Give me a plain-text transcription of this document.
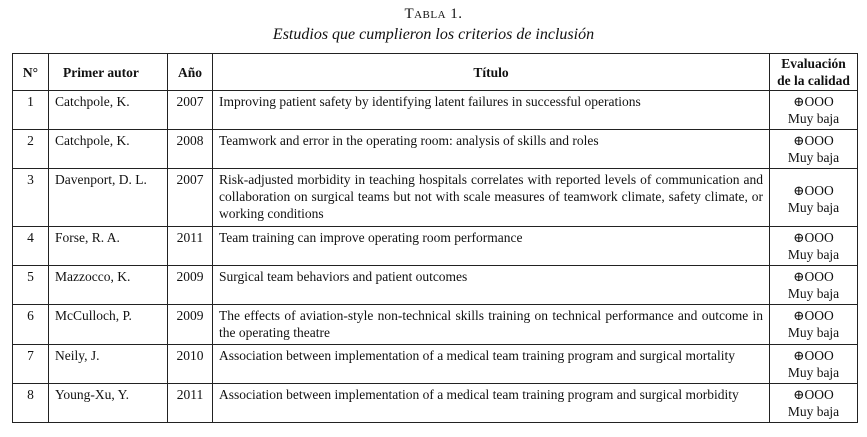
Tabla 1.
Estudios que cumplieron los criterios de inclusión
N°	Primer autor	Año	Título	Evaluación de la calidad
1	Catchpole, K.	2007	Improving patient safety by identifying latent failures in successful operations	⊕OOO
Muy baja

2	Catchpole, K.	2008	Teamwork and error in the operating room: analysis of skills and roles	⊕OOO
Muy baja

3	Davenport, D. L.	2007	Risk-adjusted morbidity in teaching hospitals correlates with reported levels of communication and collaboration on surgical teams but not with scale measures of teamwork climate, safety climate, or working conditions	⊕OOO
Muy baja

4	Forse, R. A.	2011	Team training can improve operating room performance	⊕OOO
Muy baja

5	Mazzocco, K.	2009	Surgical team behaviors and patient outcomes	⊕OOO
Muy baja

6	McCulloch, P.	2009	The effects of aviation-style non-technical skills training on technical performance and outcome in the operating theatre	⊕OOO
Muy baja

7	Neily, J.	2010	Association between implementation of a medical team training program and surgical mortality	⊕OOO
Muy baja

8	Young-Xu, Y.	2011	Association between implementation of a medical team training program and surgical morbidity	⊕OOO
Muy baja
